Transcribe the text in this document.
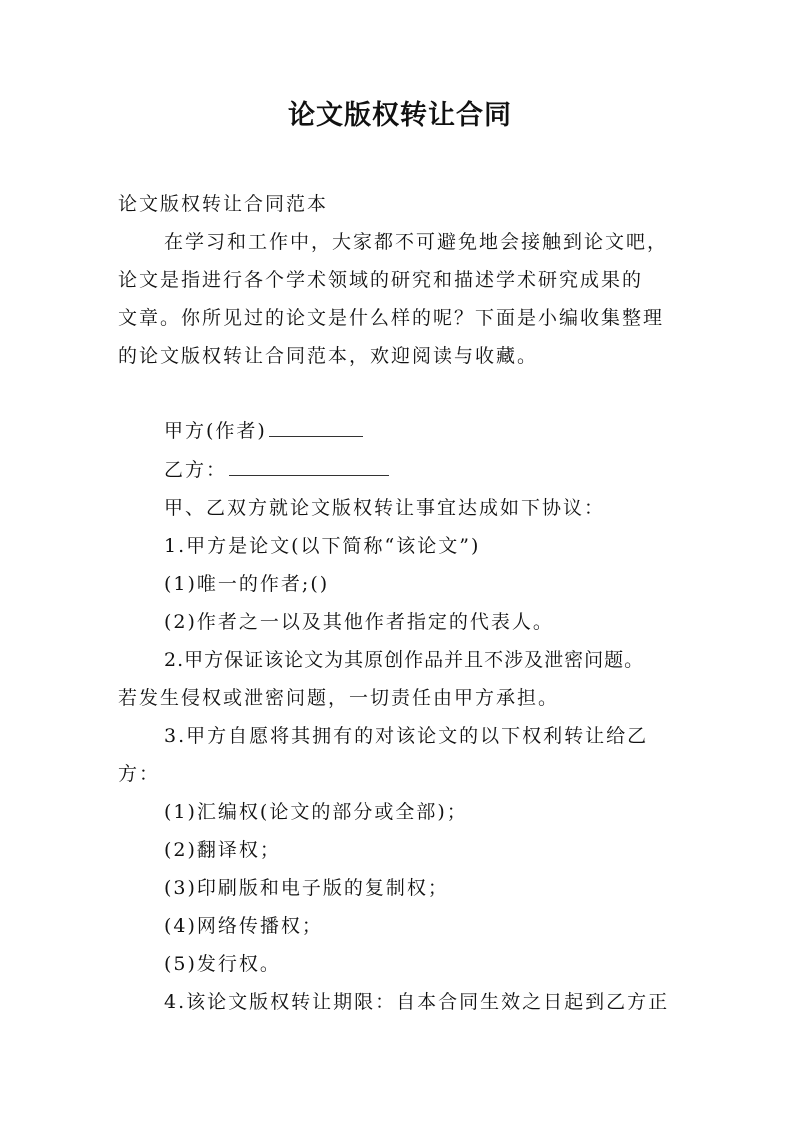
论文版权转让合同
论文版权转让合同范本
在学习和工作中，大家都不可避免地会接触到论文吧，
论文是指进行各个学术领域的研究和描述学术研究成果的
文章。你所见过的论文是什么样的呢？下面是小编收集整理
的论文版权转让合同范本，欢迎阅读与收藏。
甲方(作者)
乙方：
甲、乙双方就论文版权转让事宜达成如下协议：
1.甲方是论文(以下简称“该论文”)
(1)唯一的作者;()
(2)作者之一以及其他作者指定的代表人。
2.甲方保证该论文为其原创作品并且不涉及泄密问题。
若发生侵权或泄密问题，一切责任由甲方承担。
3.甲方自愿将其拥有的对该论文的以下权利转让给乙
方：
(1)汇编权(论文的部分或全部)；
(2)翻译权；
(3)印刷版和电子版的复制权；
(4)网络传播权；
(5)发行权。
4.该论文版权转让期限：自本合同生效之日起到乙方正
